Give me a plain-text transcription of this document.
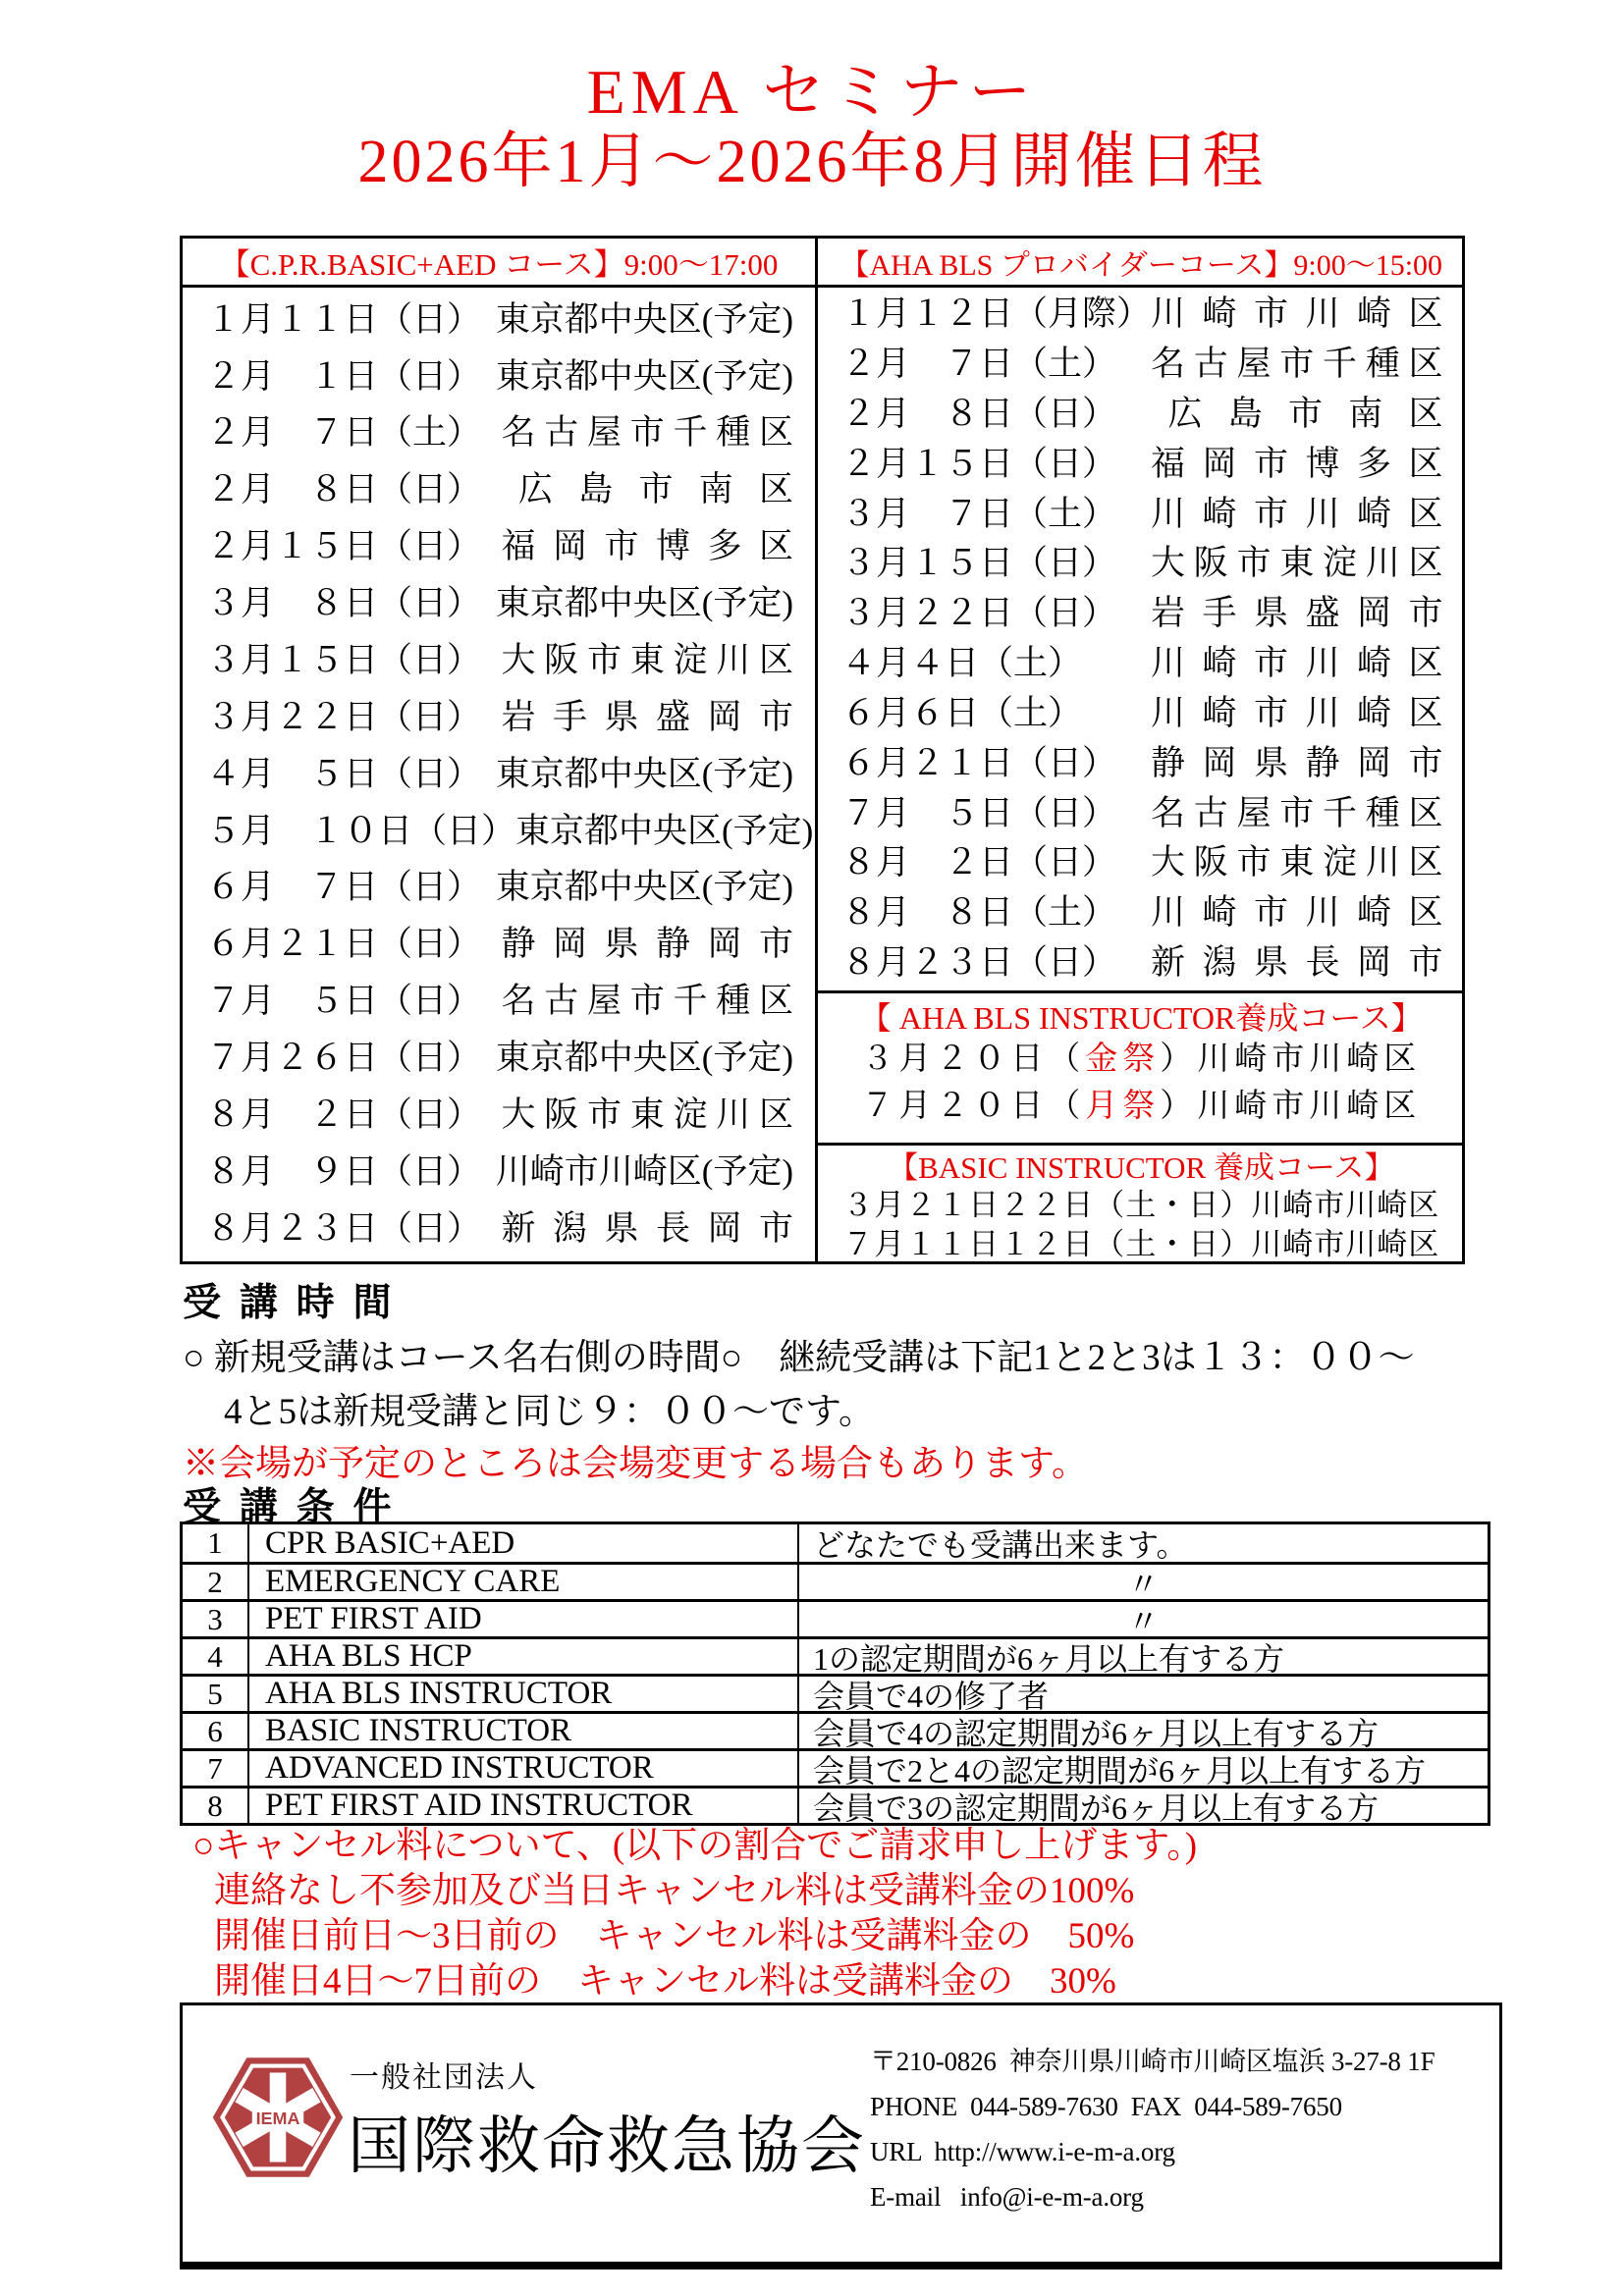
EMA セミナー
2026年1月～2026年8月開催日程
【C.P.R.BASIC+AED コース】9:00～17:00
１月１１日（日） 東京都中央区(予定)
２月　１日（日） 東京都中央区(予定)
２月　７日（土） 名 古 屋 市 千 種 区
２月　８日（日） 広   島   市   南   区
２月１５日（日） 福  岡  市  博  多  区
３月　８日（日） 東京都中央区(予定)
３月１５日（日） 大 阪 市 東 淀 川 区
３月２２日（日） 岩  手  県  盛  岡  市
４月　５日（日） 東京都中央区(予定)
５月　１０日（日） 東京都中央区(予定)
６月　７日（日） 東京都中央区(予定)
６月２１日（日） 静  岡  県  静  岡  市
７月　５日（日） 名 古 屋 市 千 種 区
７月２６日（日） 東京都中央区(予定)
８月　２日（日） 大 阪 市 東 淀 川 区
８月　９日（日） 川崎市川崎区(予定)
８月２３日（日） 新  潟  県  長  岡  市
【AHA BLS プロバイダーコース】9:00～15:00
１月１２日（月際） 川  崎  市  川  崎  区
２月　７日（土） 名 古 屋 市 千 種 区
２月　８日（日） 広   島   市   南   区
２月１５日（日） 福  岡  市  博  多  区
３月　７日（土） 川  崎  市  川  崎  区
３月１５日（日） 大 阪 市 東 淀 川 区
３月２２日（日） 岩  手  県  盛  岡  市
４月４日（土） 川  崎  市  川  崎  区
６月６日（土） 川  崎  市  川  崎  区
６月２１日（日） 静  岡  県  静  岡  市
７月　５日（日） 名 古 屋 市 千 種 区
８月　２日（日） 大 阪 市 東 淀 川 区
８月　８日（土） 川  崎  市  川  崎  区
８月２３日（日） 新  潟  県  長  岡  市
【 AHA BLS INSTRUCTOR養成コース】
３月２０日（金祭）川崎市川崎区
７月２０日（月祭）川崎市川崎区
【BASIC INSTRUCTOR 養成コース】
３月２１日２２日（土・日）川崎市川崎区
７月１１日１２日（土・日）川崎市川崎区
受 講 時 間
○ 新規受講はコース名右側の時間○　継続受講は下記1と2と3は１３：００～
4と5は新規受講と同じ９：００～です。
※会場が予定のところは会場変更する場合もあります。
受 講 条 件
1	CPR BASIC+AED	どなたでも受講出来ます。
2	EMERGENCY CARE	〃
3	PET FIRST AID	〃
4	AHA BLS HCP	1の認定期間が6ヶ月以上有する方
5	AHA BLS INSTRUCTOR	会員で4の修了者
6	BASIC INSTRUCTOR	会員で4の認定期間が6ヶ月以上有する方
7	ADVANCED INSTRUCTOR	会員で2と4の認定期間が6ヶ月以上有する方
8	PET FIRST AID INSTRUCTOR	会員で3の認定期間が6ヶ月以上有する方
○キャンセル料について、(以下の割合でご請求申し上げます。)
連絡なし不参加及び当日キャンセル料は受講料金の100%
開催日前日～3日前の　キャンセル料は受講料金の　50%
開催日4日～7日前の　キャンセル料は受講料金の　30%
IEMA
一般社団法人
国際救命救急協会
〒210-0826  神奈川県川崎市川崎区塩浜 3-27-8 1F
PHONE  044-589-7630  FAX  044-589-7650
URL  http://www.i-e-m-a.org
E-mail   info@i-e-m-a.org
